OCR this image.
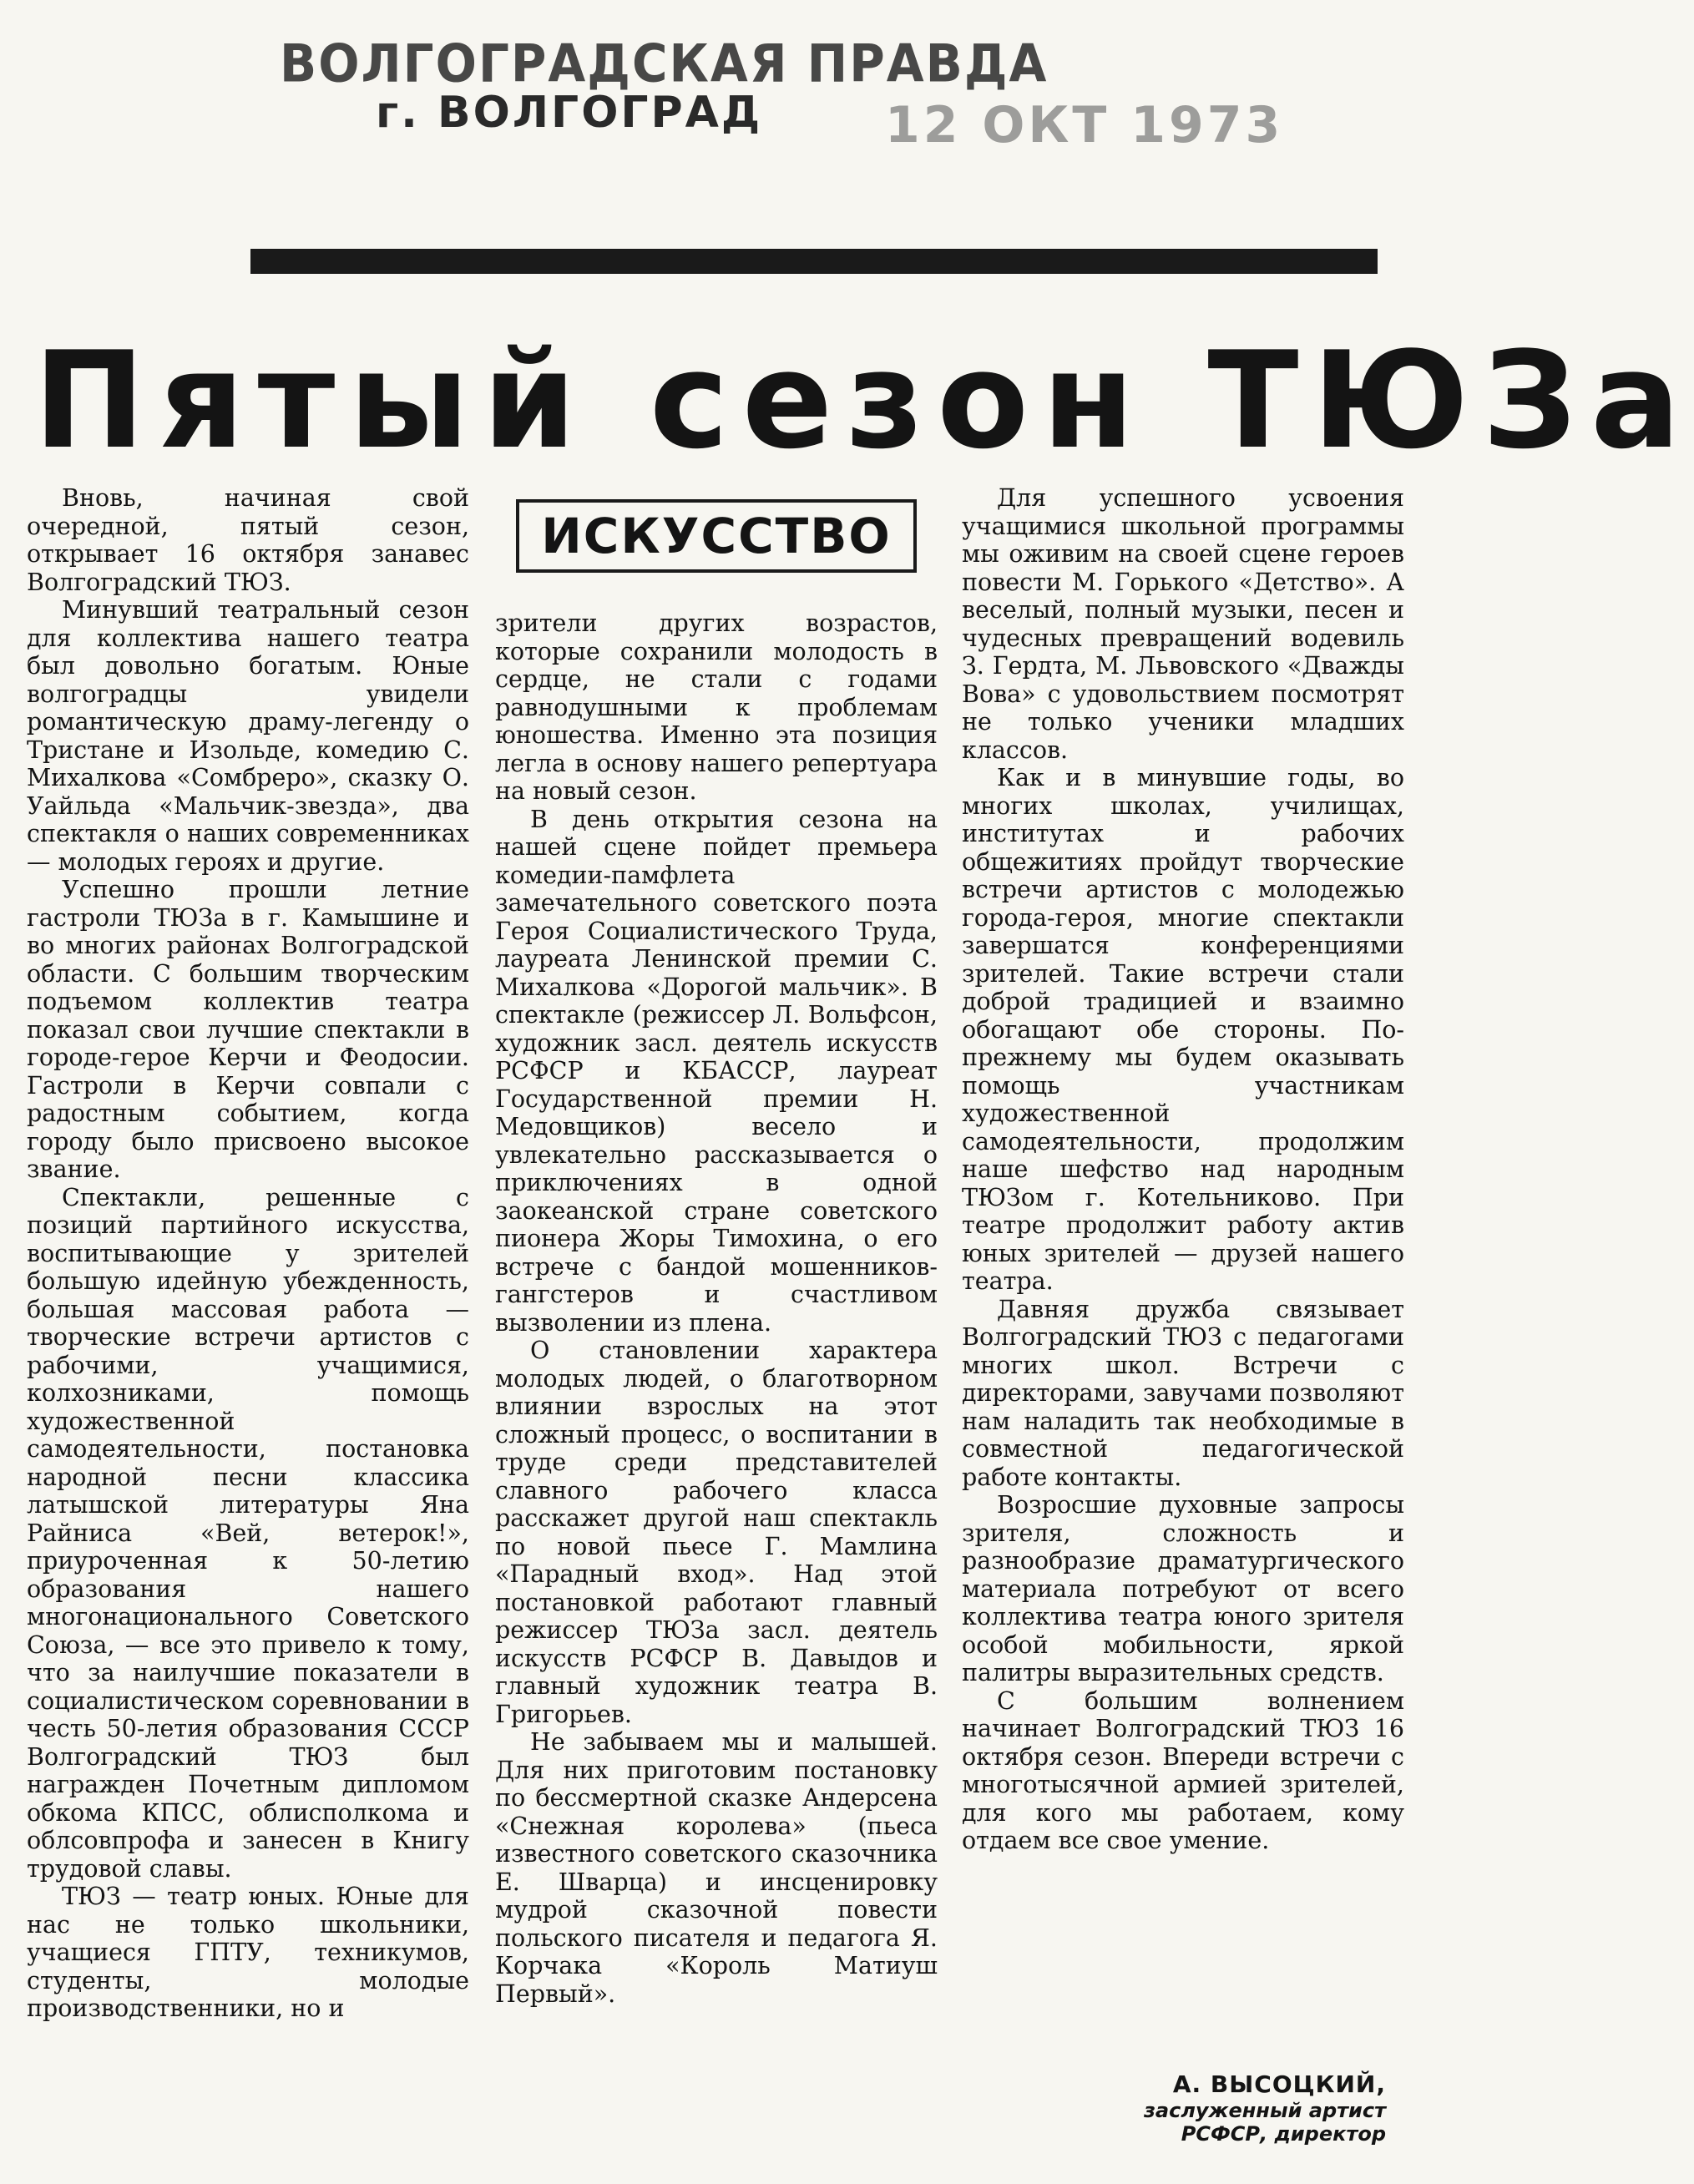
ВОЛГОГРАДСКАЯ ПРАВДА
г. ВОЛГОГРАД 12 ОКТ 1973
Пятый сезон ТЮЗа
ИСКУССТВО

Вновь, начиная свой очередной, пятый сезон, открывает 16 октября занавес Волгоградский ТЮЗ.

Минувший театральный сезон для коллектива нашего театра был довольно богатым. Юные волгоградцы увидели романтическую драму-легенду о Тристане и Изольде, комедию С. Михалкова «Сомбреро», сказку О. Уайльда «Мальчик-звезда», два спектакля о наших современниках — молодых героях и другие.

Успешно прошли летние гастроли ТЮЗа в г. Камышине и во многих районах Волгоградской области. С большим творческим подъемом коллектив театра показал свои лучшие спектакли в городе-герое Керчи и Феодосии. Гастроли в Керчи совпали с радостным событием, когда городу было присвоено высокое звание.

Спектакли, решенные с позиций партийного искусства, воспитывающие у зрителей большую идейную убежденность, большая массовая работа — творческие встречи артистов с рабочими, учащимися, колхозниками, помощь художественной самодеятельности, постановка народной песни классика латышской литературы Яна Райниса «Вей, ветерок!», приуроченная к 50-летию образования нашего многонационального Советского Союза, — все это привело к тому, что за наилучшие показатели в социалистическом соревновании в честь 50-летия образования СССР Волгоградский ТЮЗ был награжден Почетным дипломом обкома КПСС, облисполкома и облсовпрофа и занесен в Книгу трудовой славы.

ТЮЗ — театр юных. Юные для нас не только школьники, учащиеся ГПТУ, техникумов, студенты, молодые производственники, но и

зрители других возрастов, которые сохранили молодость в сердце, не стали с годами равнодушными к проблемам юношества. Именно эта позиция легла в основу нашего репертуара на новый сезон.

В день открытия сезона на нашей сцене пойдет премьера комедии-памфлета замечательного советского поэта Героя Социалистического Труда, лауреата Ленинской премии С. Михалкова «Дорогой мальчик». В спектакле (режиссер Л. Вольфсон, художник засл. деятель искусств РСФСР и КБАССР, лауреат Государственной премии Н. Медовщиков) весело и увлекательно рассказывается о приключениях в одной заокеанской стране советского пионера Жоры Тимохина, о его встрече с бандой мошенников-гангстеров и счастливом вызволении из плена.

О становлении характера молодых людей, о благотворном влиянии взрослых на этот сложный процесс, о воспитании в труде среди представителей славного рабочего класса расскажет другой наш спектакль по новой пьесе Г. Мамлина «Парадный вход». Над этой постановкой работают главный режиссер ТЮЗа засл. деятель искусств РСФСР В. Давыдов и главный художник театра В. Григорьев.

Не забываем мы и малышей. Для них приготовим постановку по бессмертной сказке Андерсена «Снежная королева» (пьеса известного советского сказочника Е. Шварца) и инсценировку мудрой сказочной повести польского писателя и педагога Я. Корчака «Король Матиуш Первый».

Для успешного усвоения учащимися школьной программы мы оживим на своей сцене героев повести М. Горького «Детство». А веселый, полный музыки, песен и чудесных превращений водевиль З. Гердта, М. Львовского «Дважды Вова» с удовольствием посмотрят не только ученики младших классов.

Как и в минувшие годы, во многих школах, училищах, институтах и рабочих общежитиях пройдут творческие встречи артистов с молодежью города-героя, многие спектакли завершатся конференциями зрителей. Такие встречи стали доброй традицией и взаимно обогащают обе стороны. По-прежнему мы будем оказывать помощь участникам художественной самодеятельности, продолжим наше шефство над народным ТЮЗом г. Котельниково. При театре продолжит работу актив юных зрителей — друзей нашего театра.

Давняя дружба связывает Волгоградский ТЮЗ с педагогами многих школ. Встречи с директорами, завучами позволяют нам наладить так необходимые в совместной педагогической работе контакты.

Возросшие духовные запросы зрителя, сложность и разнообразие драматургического материала потребуют от всего коллектива театра юного зрителя особой мобильности, яркой палитры выразительных средств.

С большим волнением начинает Волгоградский ТЮЗ 16 октября сезон. Впереди встречи с многотысячной армией зрителей, для кого мы работаем, кому отдаем все свое умение.

А. ВЫСОЦКИЙ,
заслуженный артист
РСФСР, директор
